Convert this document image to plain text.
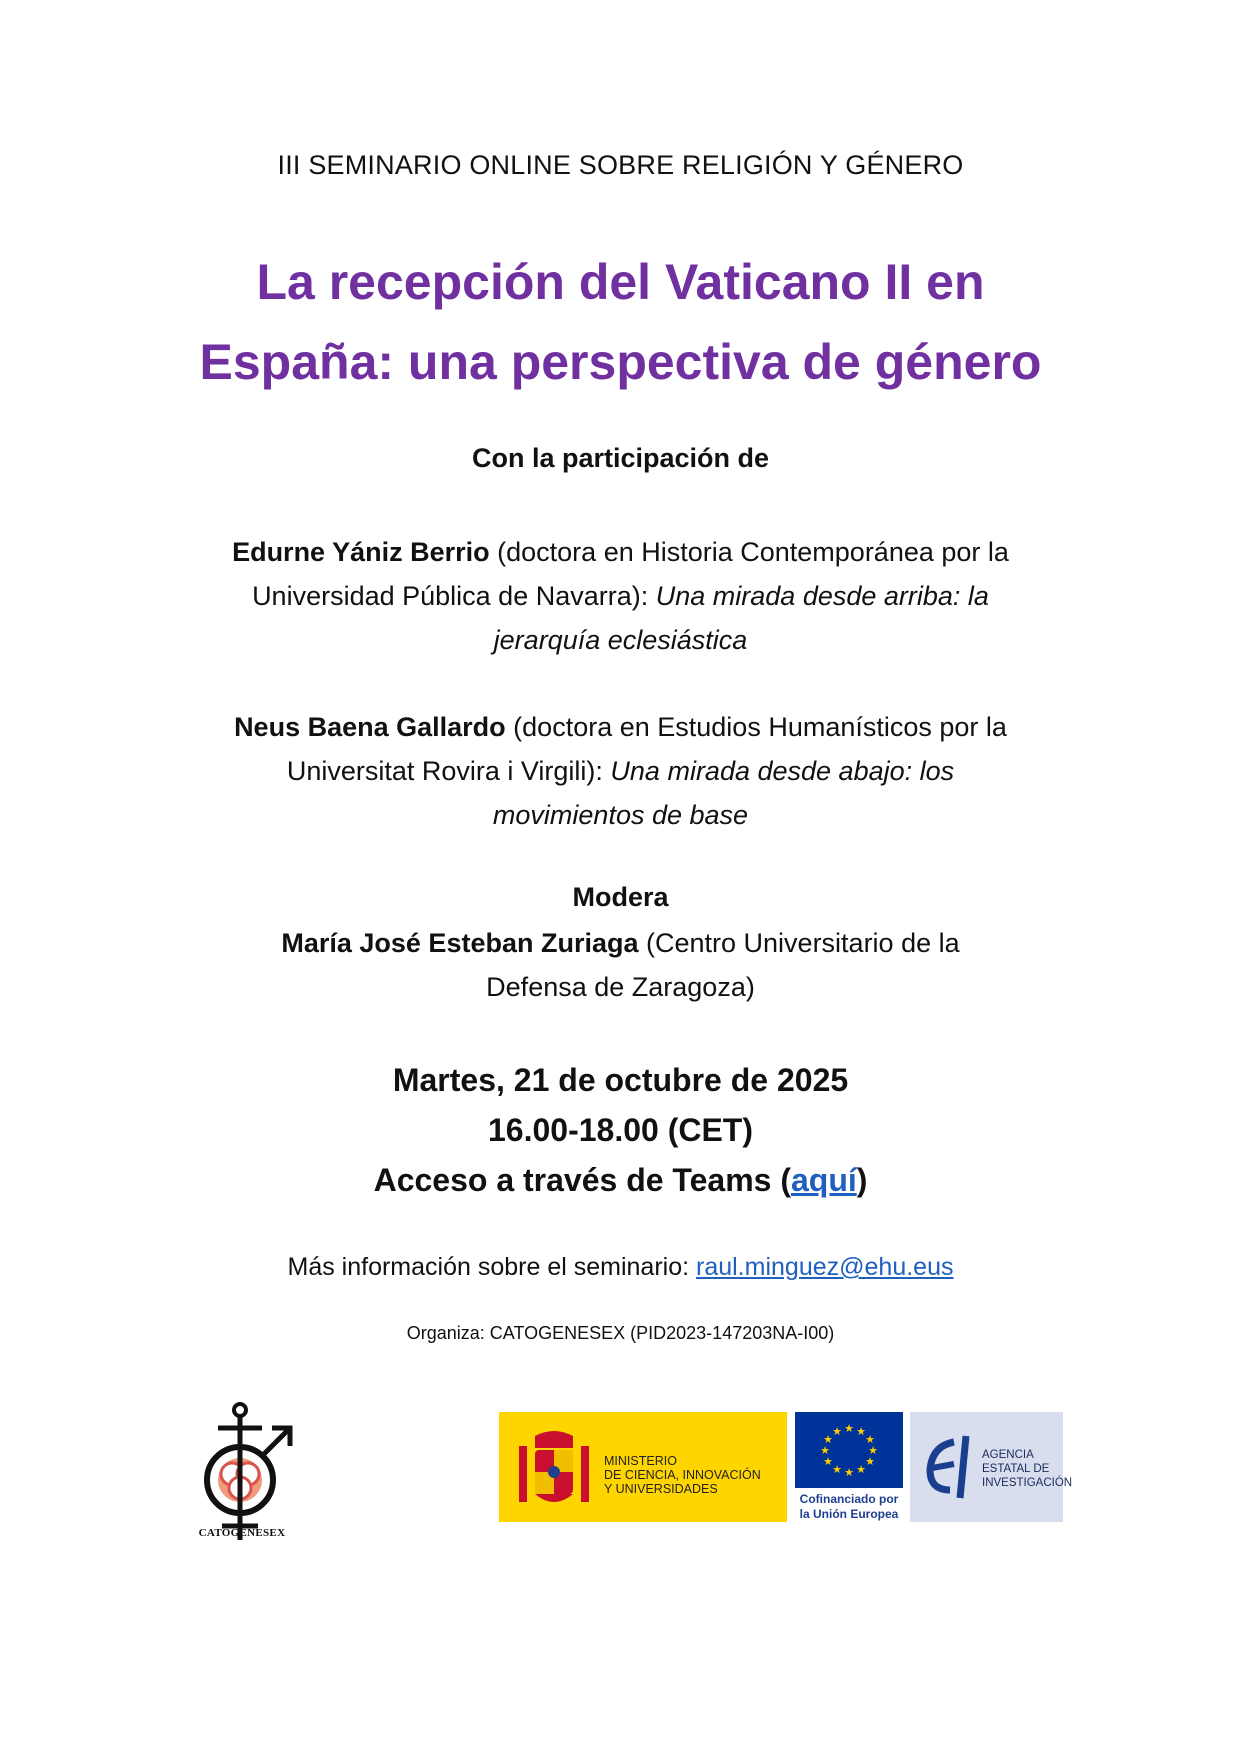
III SEMINARIO ONLINE SOBRE RELIGIÓN Y GÉNERO
La recepción del Vaticano II en
España: una perspectiva de género
Con la participación de
Edurne Yániz Berrio (doctora en Historia Contemporánea por la
Universidad Pública de Navarra): Una mirada desde arriba: la
jerarquía eclesiástica
Neus Baena Gallardo (doctora en Estudios Humanísticos por la
Universitat Rovira i Virgili): Una mirada desde abajo: los
movimientos de base
Modera
María José Esteban Zuriaga (Centro Universitario de la
Defensa de Zaragoza)
Martes, 21 de octubre de 2025
16.00-18.00 (CET)
Acceso a través de Teams (aquí)
Más información sobre el seminario: raul.minguez@ehu.eus
Organiza: CATOGENESEX (PID2023-147203NA-I00)
CATOGENESEX
MINISTERIO
DE CIENCIA, INNOVACIÓN
Y UNIVERSIDADES
★ ★
★
★
★
★
★
★
★
★
★
★
Cofinanciado por
la Unión Europea
AGENCIA
ESTATAL DE
INVESTIGACIÓN
